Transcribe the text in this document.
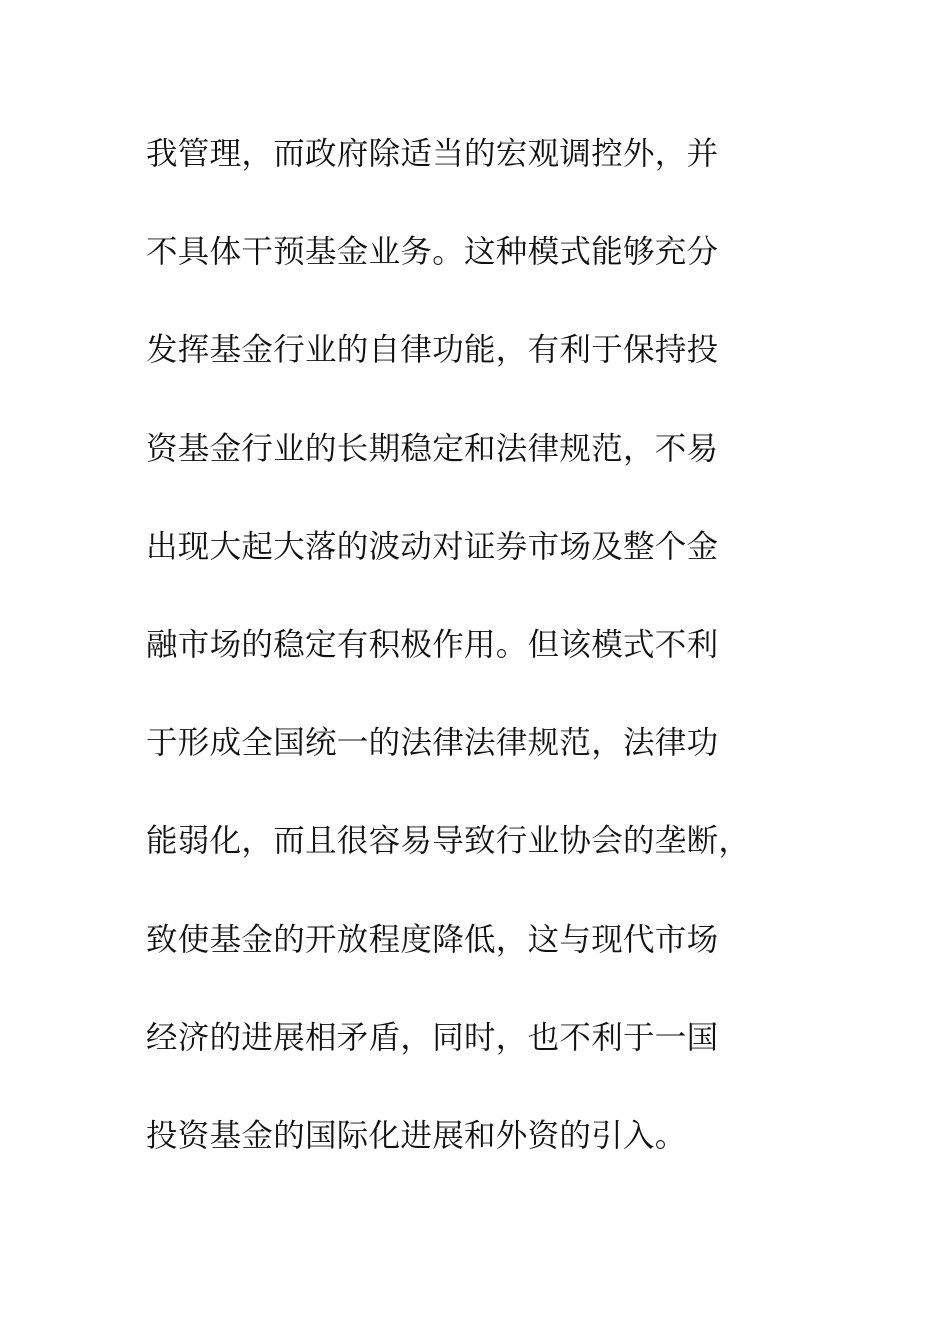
我管理，而政府除适当的宏观调控外，并
不具体干预基金业务。这种模式能够充分
发挥基金行业的自律功能，有利于保持投
资基金行业的长期稳定和法律规范，不易
出现大起大落的波动对证券市场及整个金
融市场的稳定有积极作用。但该模式不利
于形成全国统一的法律法律规范，法律功
能弱化，而且很容易导致行业协会的垄断，
致使基金的开放程度降低，这与现代市场
经济的进展相矛盾，同时，也不利于一国
投资基金的国际化进展和外资的引入。
